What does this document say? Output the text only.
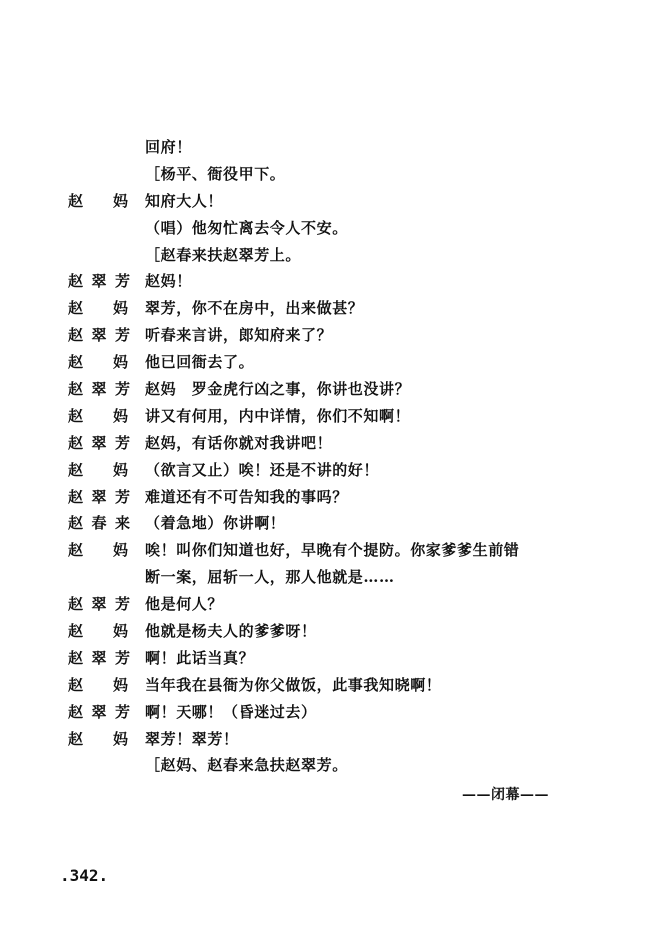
回府！
［杨平、衙役甲下。
赵 妈 知府大人！
（唱）他匆忙离去令人不安。
［赵春来扶赵翠芳上。
赵 翠 芳 赵妈！
赵 妈 翠芳，你不在房中，出来做甚？
赵 翠 芳 听春来言讲，郎知府来了？
赵 妈 他已回衙去了。
赵 翠 芳 赵妈　罗金虎行凶之事，你讲也没讲？
赵 妈 讲又有何用，内中详情，你们不知啊！
赵 翠 芳 赵妈，有话你就对我讲吧！
赵 妈 （欲言又止）唉！还是不讲的好！
赵 翠 芳 难道还有不可告知我的事吗？
赵 春 来 （着急地）你讲啊！
赵 妈 唉！叫你们知道也好，早晚有个提防。你家爹爹生前错
断一案，屈斩一人，那人他就是……
赵 翠 芳 他是何人？
赵 妈 他就是杨夫人的爹爹呀！
赵 翠 芳 啊！此话当真？
赵 妈 当年我在县衙为你父做饭，此事我知晓啊！
赵 翠 芳 啊！天哪！（昏迷过去）
赵 妈 翠芳！翠芳！
［赵妈、赵春来急扶赵翠芳。
——闭幕——
.342.
